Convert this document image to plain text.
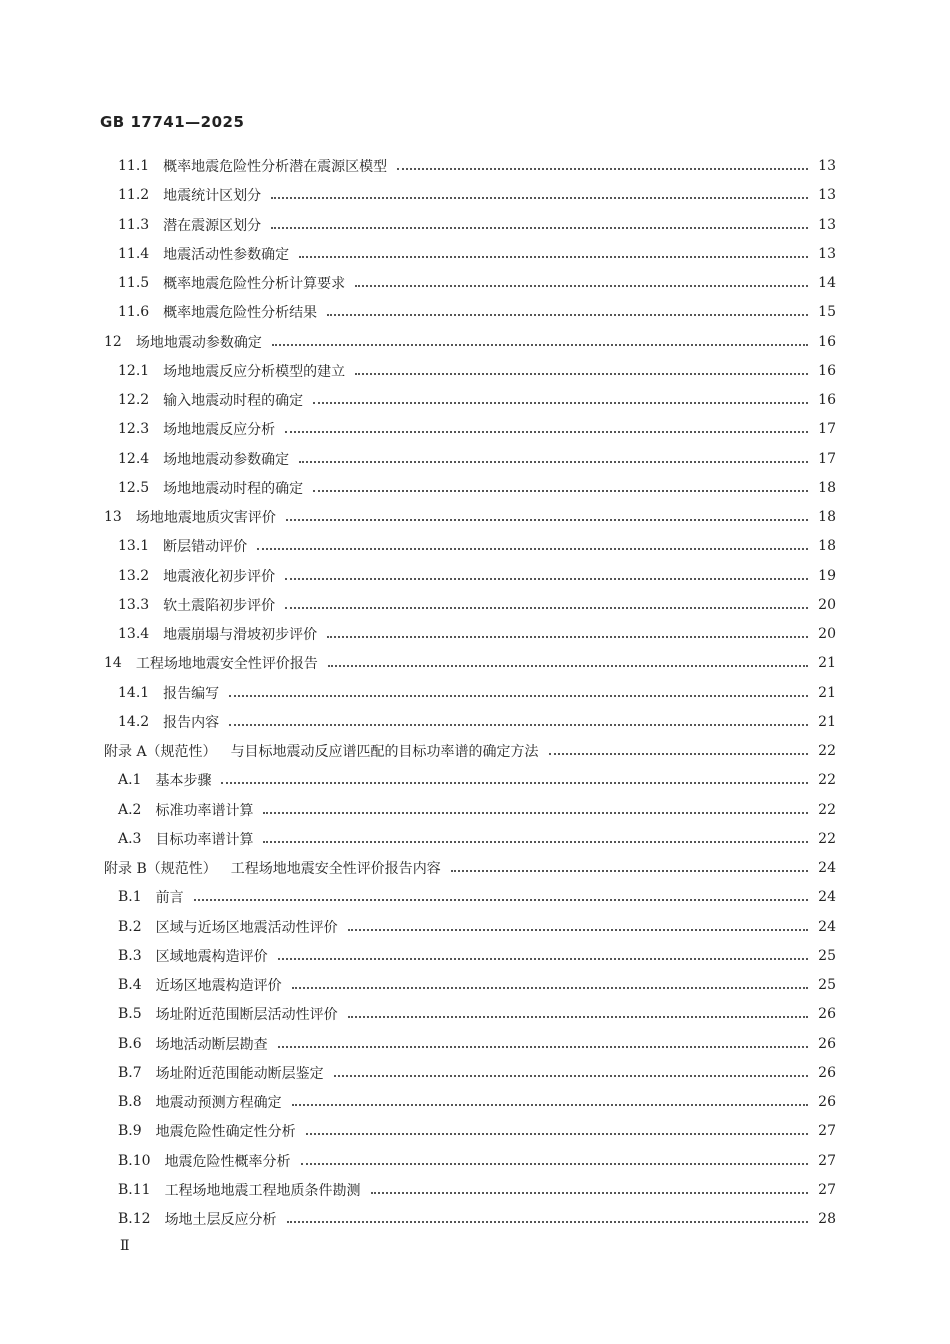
GB 17741—2025
11.1 概率地震危险性分析潜在震源区模型	13
11.2 地震统计区划分	13
11.3 潜在震源区划分	13
11.4 地震活动性参数确定	13
11.5 概率地震危险性分析计算要求	14
11.6 概率地震危险性分析结果	15
12 场地地震动参数确定	16
12.1 场地地震反应分析模型的建立	16
12.2 输入地震动时程的确定	16
12.3 场地地震反应分析	17
12.4 场地地震动参数确定	17
12.5 场地地震动时程的确定	18
13 场地地震地质灾害评价	18
13.1 断层错动评价	18
13.2 地震液化初步评价	19
13.3 软土震陷初步评价	20
13.4 地震崩塌与滑坡初步评价	20
14 工程场地地震安全性评价报告	21
14.1 报告编写	21
14.2 报告内容	21
附录 A（规范性） 与目标地震动反应谱匹配的目标功率谱的确定方法	22
A.1 基本步骤	22
A.2 标准功率谱计算	22
A.3 目标功率谱计算	22
附录 B（规范性） 工程场地地震安全性评价报告内容	24
B.1 前言	24
B.2 区域与近场区地震活动性评价	24
B.3 区域地震构造评价	25
B.4 近场区地震构造评价	25
B.5 场址附近范围断层活动性评价	26
B.6 场地活动断层勘查	26
B.7 场址附近范围能动断层鉴定	26
B.8 地震动预测方程确定	26
B.9 地震危险性确定性分析	27
B.10 地震危险性概率分析	27
B.11 工程场地地震工程地质条件勘测	27
B.12 场地土层反应分析	28
Ⅱ
